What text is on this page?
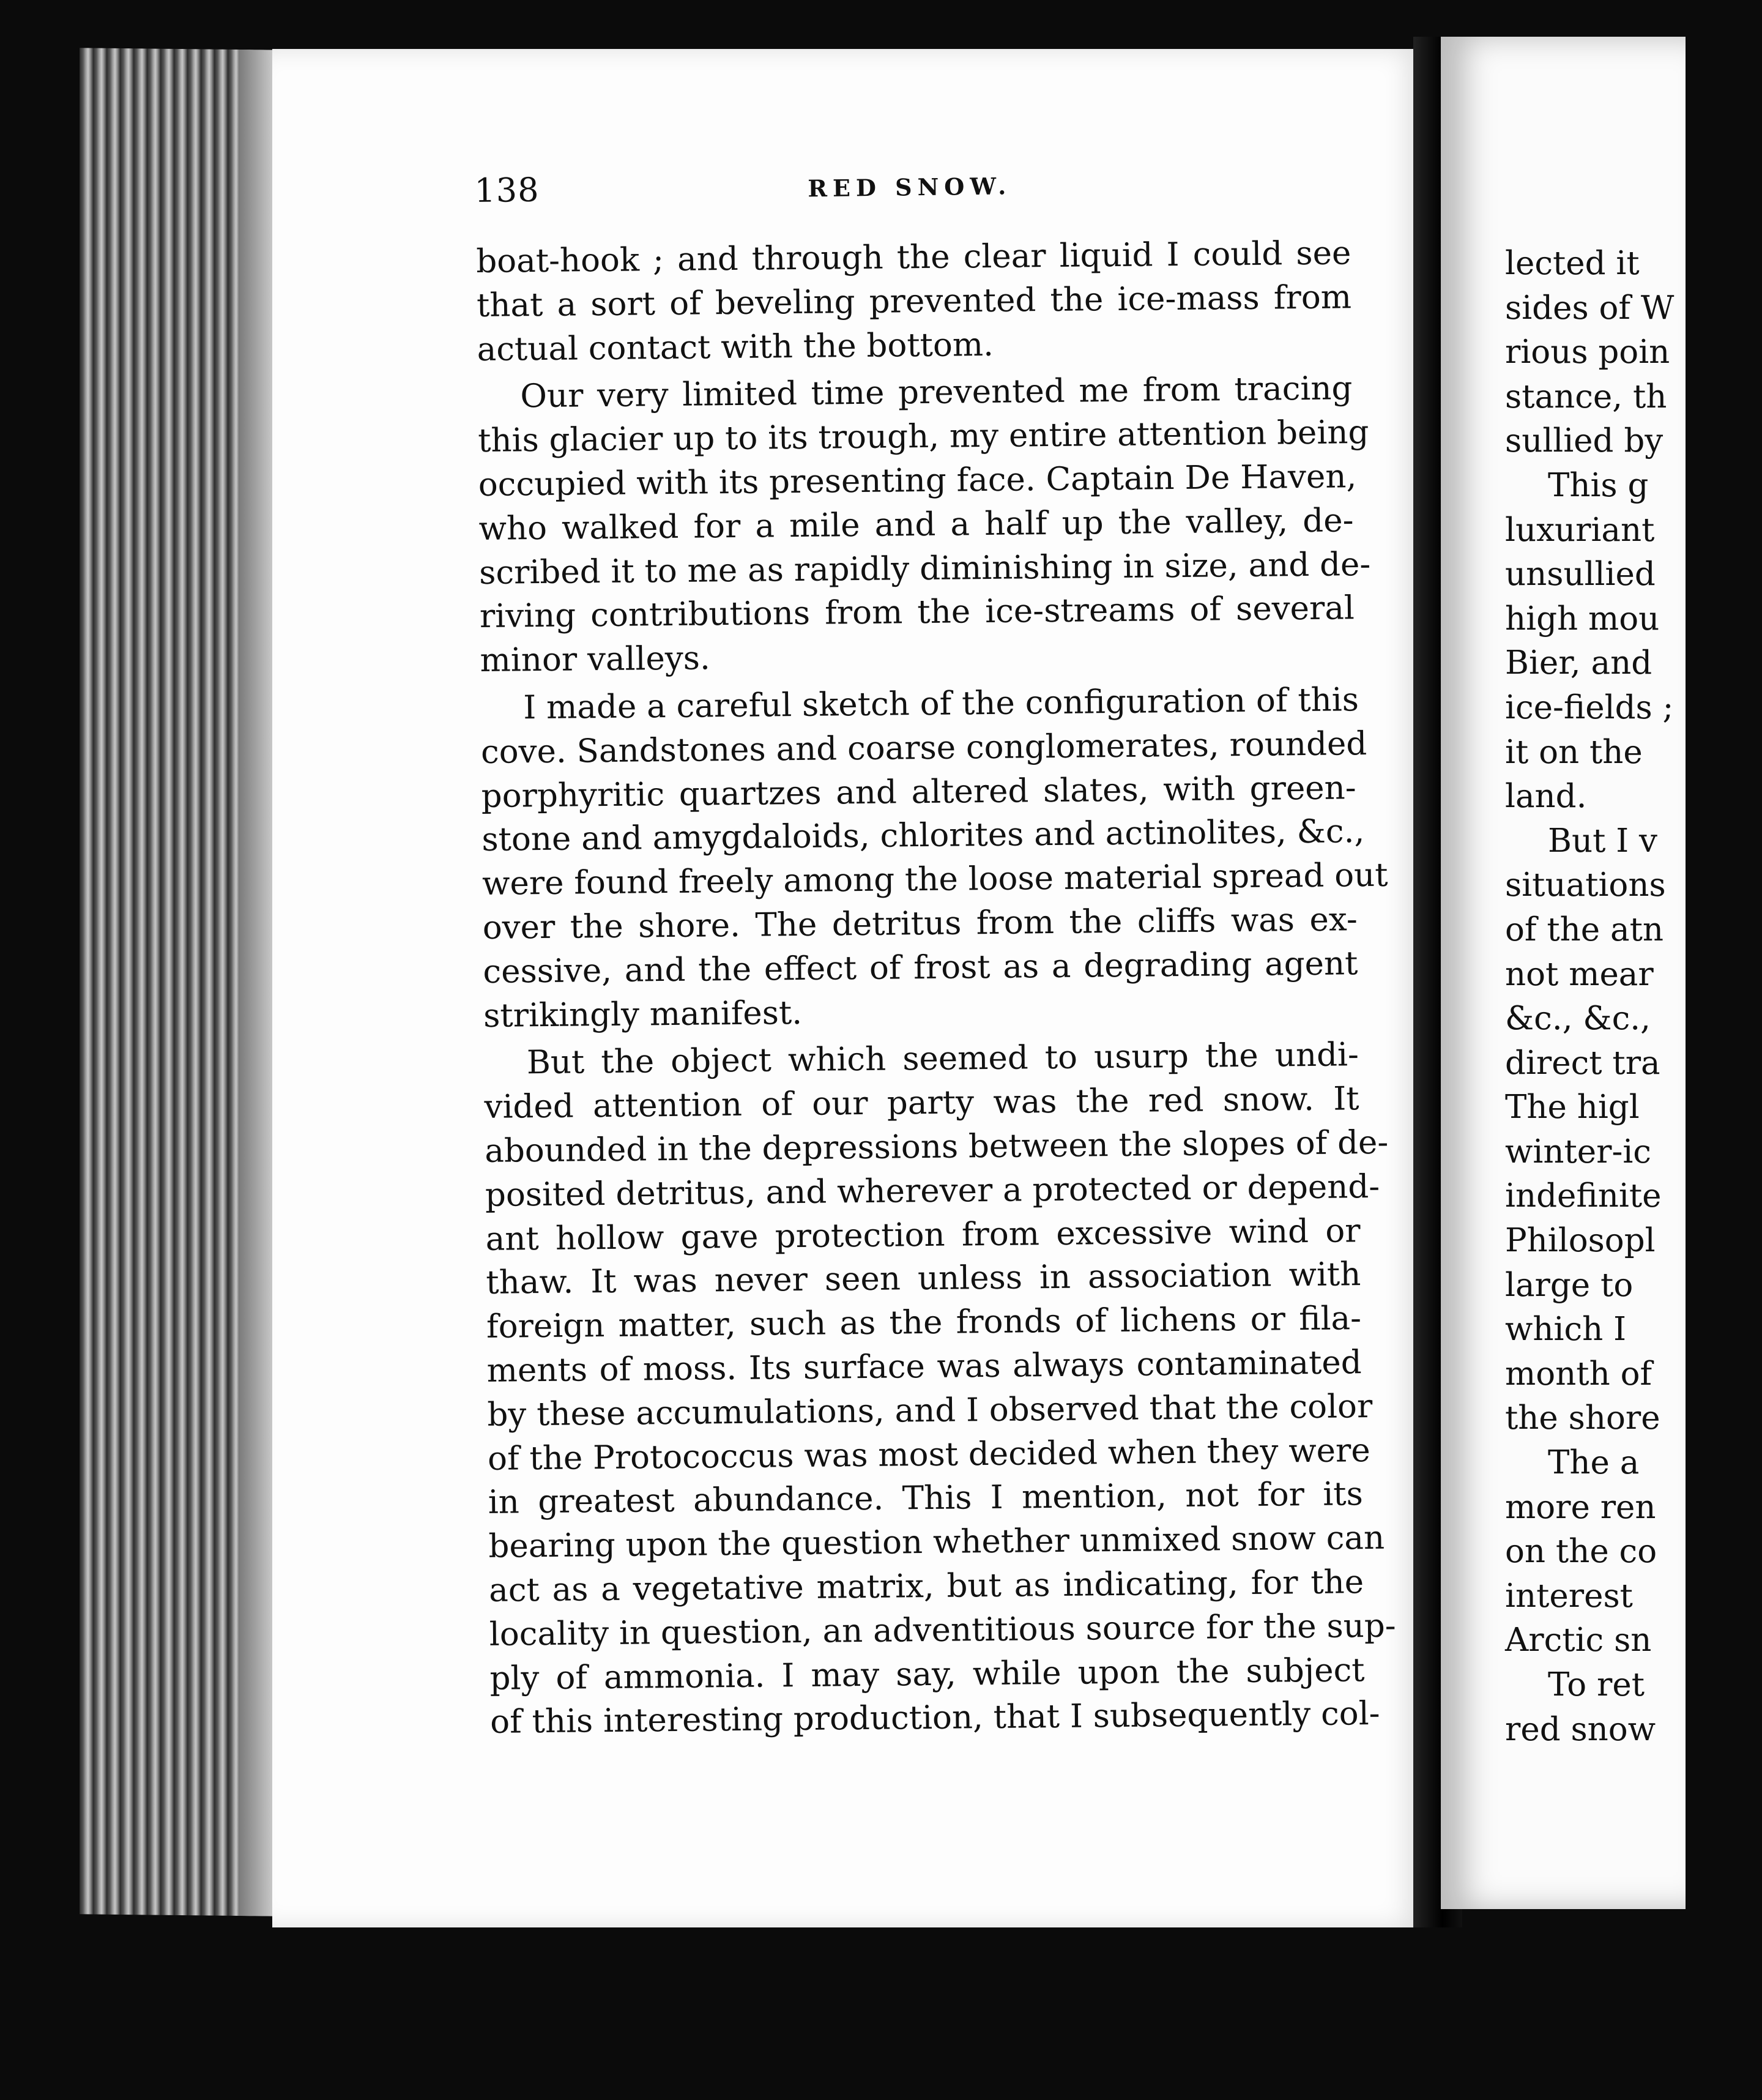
138	RED SNOW.
boat-hook ; and through the clear liquid I could see
that a sort of beveling prevented the ice-mass from
actual contact with the bottom.
Our very limited time prevented me from tracing
this glacier up to its trough, my entire attention being
occupied with its presenting face. Captain De Haven,
who walked for a mile and a half up the valley, de-
scribed it to me as rapidly diminishing in size, and de-
riving contributions from the ice-streams of several
minor valleys.
I made a careful sketch of the configuration of this
cove. Sandstones and coarse conglomerates, rounded
porphyritic quartzes and altered slates, with green-
stone and amygdaloids, chlorites and actinolites, &c.,
were found freely among the loose material spread out
over the shore. The detritus from the cliffs was ex-
cessive, and the effect of frost as a degrading agent
strikingly manifest.
But the object which seemed to usurp the undi-
vided attention of our party was the red snow. It
abounded in the depressions between the slopes of de-
posited detritus, and wherever a protected or depend-
ant hollow gave protection from excessive wind or
thaw. It was never seen unless in association with
foreign matter, such as the fronds of lichens or fila-
ments of moss. Its surface was always contaminated
by these accumulations, and I observed that the color
of the Protococcus was most decided when they were
in greatest abundance. This I mention, not for its
bearing upon the question whether unmixed snow can
act as a vegetative matrix, but as indicating, for the
locality in question, an adventitious source for the sup-
ply of ammonia. I may say, while upon the subject
of this interesting production, that I subsequently col-
lected it
sides of W
rious poin
stance, th
sullied by
This g
luxuriant
unsullied
high mou
Bier, and
ice-fields ;
it on the
land.
But I v
situations
of the atn
not mear
&c., &c.,
direct tra
The higl
winter-ic
indefinite
Philosopl
large to
which I
month of
the shore
The a
more ren
on the co
interest
Arctic sn
To ret
red snow
